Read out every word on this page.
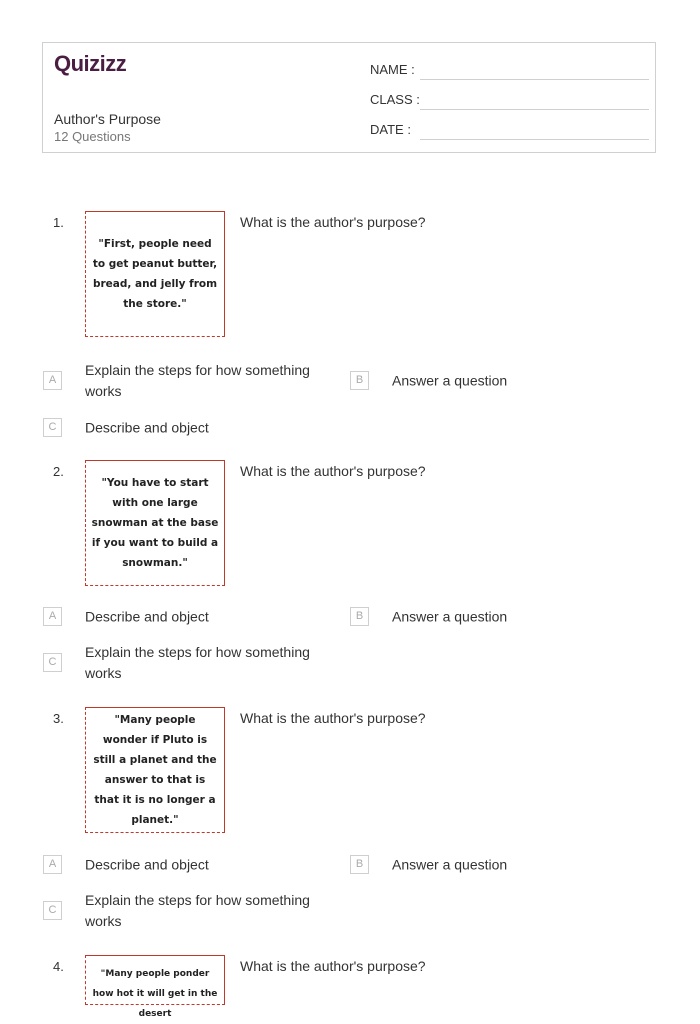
Quizizz
Author's Purpose
12 Questions
NAME :
CLASS :
DATE :
1.
"First, people need to get peanut butter, bread, and jelly from the store."
What is the author's purpose?
A
Explain the steps for how something works
B	Answer a question
C	Describe and object
2.
"You have to start with one large snowman at the base if you want to build a snowman."
What is the author's purpose?
A	Describe and object	B	Answer a question
C
Explain the steps for how something works
3.	"Many people wonder if Pluto is still a planet and the answer to that is that it is no longer a planet."
What is the author's purpose?
A	Describe and object	B	Answer a question
C
Explain the steps for how something works
4.	"Many people ponder how hot it will get in the desert
What is the author's purpose?
